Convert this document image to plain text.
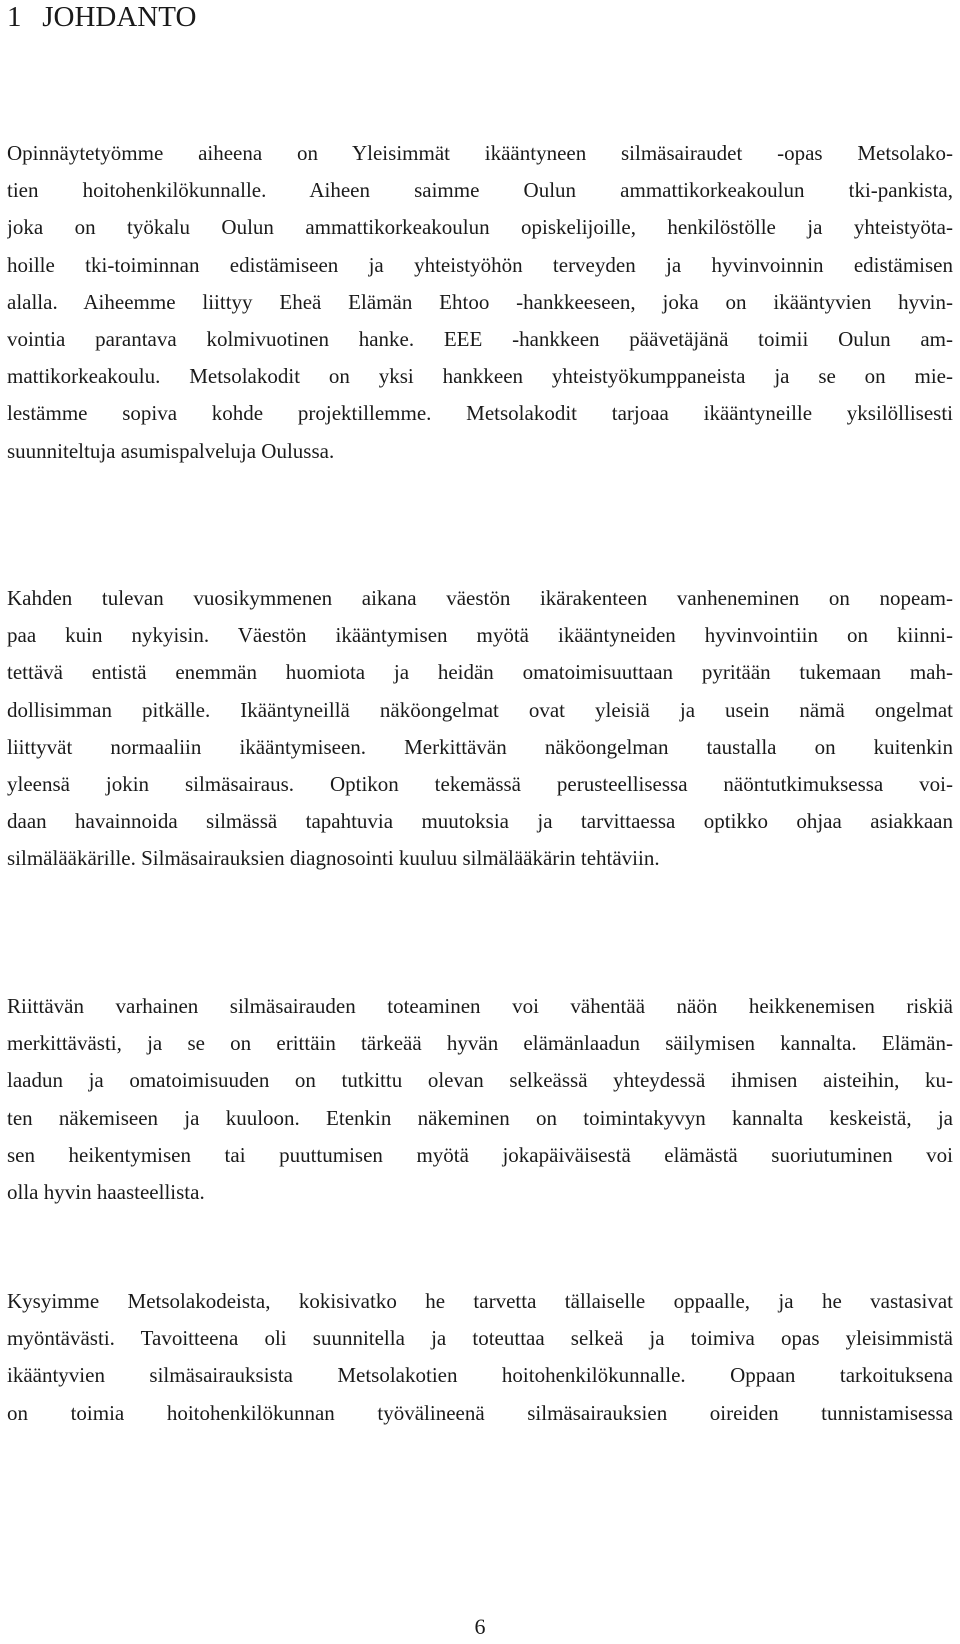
1 JOHDANTO
Opinnäytetyömme aiheena on Yleisimmät ikääntyneen silmäsairaudet -opas Metsolako-
tien hoitohenkilökunnalle. Aiheen saimme Oulun ammattikorkeakoulun tki-pankista,
joka on työkalu Oulun ammattikorkeakoulun opiskelijoille, henkilöstölle ja yhteistyöta-
hoille tki-toiminnan edistämiseen ja yhteistyöhön terveyden ja hyvinvoinnin edistämisen
alalla. Aiheemme liittyy Eheä Elämän Ehtoo -hankkeeseen, joka on ikääntyvien hyvin-
vointia parantava kolmivuotinen hanke. EEE -hankkeen päävetäjänä toimii Oulun am-
mattikorkeakoulu. Metsolakodit on yksi hankkeen yhteistyökumppaneista ja se on mie-
lestämme sopiva kohde projektillemme. Metsolakodit tarjoaa ikääntyneille yksilöllisesti
suunniteltuja asumispalveluja Oulussa.
Kahden tulevan vuosikymmenen aikana väestön ikärakenteen vanheneminen on nopeam-
paa kuin nykyisin. Väestön ikääntymisen myötä ikääntyneiden hyvinvointiin on kiinni-
tettävä entistä enemmän huomiota ja heidän omatoimisuuttaan pyritään tukemaan mah-
dollisimman pitkälle. Ikääntyneillä näköongelmat ovat yleisiä ja usein nämä ongelmat
liittyvät normaaliin ikääntymiseen. Merkittävän näköongelman taustalla on kuitenkin
yleensä jokin silmäsairaus. Optikon tekemässä perusteellisessa näöntutkimuksessa voi-
daan havainnoida silmässä tapahtuvia muutoksia ja tarvittaessa optikko ohjaa asiakkaan
silmälääkärille. Silmäsairauksien diagnosointi kuuluu silmälääkärin tehtäviin.
Riittävän varhainen silmäsairauden toteaminen voi vähentää näön heikkenemisen riskiä
merkittävästi, ja se on erittäin tärkeää hyvän elämänlaadun säilymisen kannalta. Elämän-
laadun ja omatoimisuuden on tutkittu olevan selkeässä yhteydessä ihmisen aisteihin, ku-
ten näkemiseen ja kuuloon. Etenkin näkeminen on toimintakyvyn kannalta keskeistä, ja
sen heikentymisen tai puuttumisen myötä jokapäiväisestä elämästä suoriutuminen voi
olla hyvin haasteellista.
Kysyimme Metsolakodeista, kokisivatko he tarvetta tällaiselle oppaalle, ja he vastasivat
myöntävästi. Tavoitteena oli suunnitella ja toteuttaa selkeä ja toimiva opas yleisimmistä
ikääntyvien silmäsairauksista Metsolakotien hoitohenkilökunnalle. Oppaan tarkoituksena
on toimia hoitohenkilökunnan työvälineenä silmäsairauksien oireiden tunnistamisessa
6
